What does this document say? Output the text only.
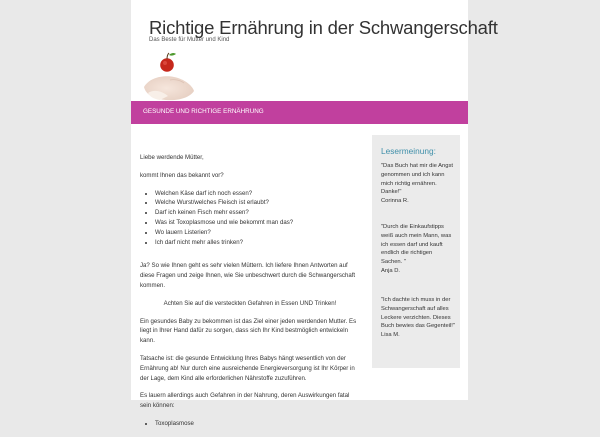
Richtige Ernährung in der Schwangerschaft
Das Beste für Mutter und Kind
GESUNDE UND RICHTIGE ERNÄHRUNG

Liebe werdende Mütter,

kommt Ihnen das bekannt vor?

• Welchen Käse darf ich noch essen?
• Welche Wurst/welches Fleisch ist erlaubt?
• Darf ich keinen Fisch mehr essen?
• Was ist Toxoplasmose und wie bekommt man das?
• Wo lauern Listerien?
• Ich darf nicht mehr alles trinken?

Ja? So wie Ihnen geht es sehr vielen Müttern. Ich liefere Ihnen Antworten auf diese Fragen und zeige Ihnen, wie Sie unbeschwert durch die Schwangerschaft kommen.

Achten Sie auf die versteckten Gefahren in Essen UND Trinken!

Ein gesundes Baby zu bekommen ist das Ziel einer jeden werdenden Mutter. Es liegt in Ihrer Hand dafür zu sorgen, dass sich Ihr Kind bestmöglich entwickeln kann.

Tatsache ist: die gesunde Entwicklung Ihres Babys hängt wesentlich von der Ernährung ab! Nur durch eine ausreichende Energieversorgung ist Ihr Körper in der Lage, dem Kind alle erforderlichen Nährstoffe zuzuführen.

Es lauern allerdings auch Gefahren in der Nahrung, deren Auswirkungen fatal sein können:

• Toxoplasmose
Lesermeinung:
"Das Buch hat mir die Angst genommen und ich kann mich richtig ernähren. Danke!"
Corinna R.
"Durch die Einkaufstipps weiß auch mein Mann, was ich essen darf und kauft endlich die richtigen Sachen. "
Anja D.
"Ich dachte ich muss in der Schwangerschaft auf alles Leckere verzichten. Dieses Buch bewies das Gegenteil!"
Lisa M.
